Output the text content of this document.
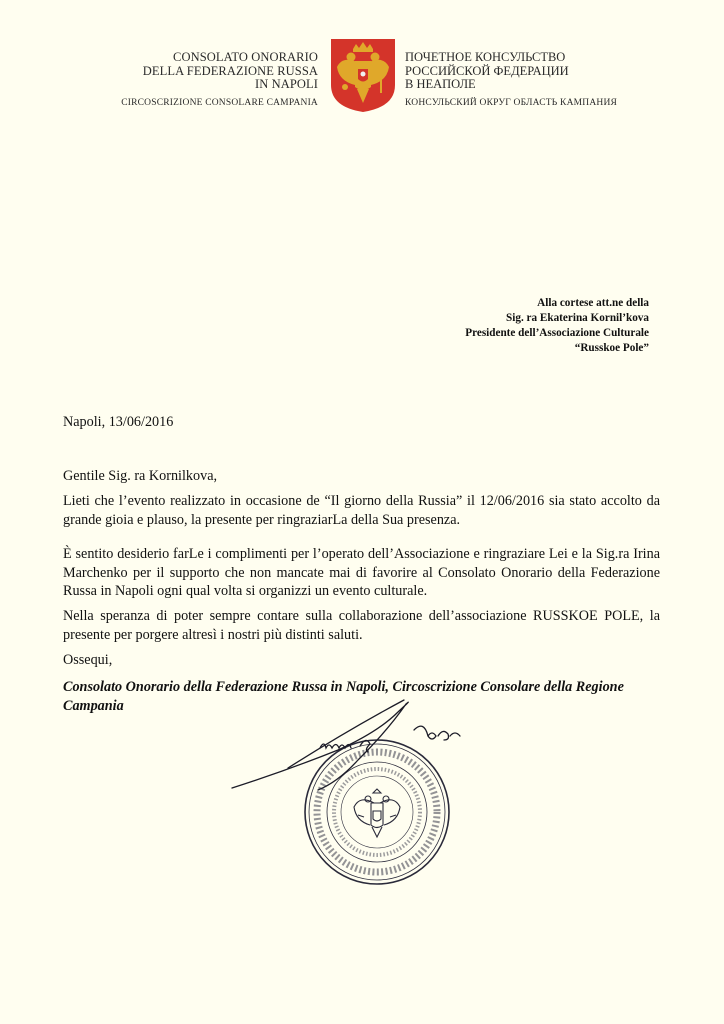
CONSOLATO ONORARIO
DELLA FEDERAZIONE RUSSA
IN NAPOLI
CIRCOSCRIZIONE CONSOLARE CAMPANIA
ПОЧЕТНОЕ КОНСУЛЬСТВО
РОССИЙСКОЙ ФЕДЕРАЦИИ
В НЕАПОЛЕ
КОНСУЛЬСКИЙ ОКРУГ ОБЛАСТЬ КАМПАНИЯ
Alla cortese att.ne della
Sig. ra Ekaterina Kornil’kova
Presidente dell’Associazione Culturale
“Russkoe Pole”
Napoli, 13/06/2016
Gentile Sig. ra Kornilkova,
Lieti che l’evento realizzato in occasione de “Il giorno della Russia” il 12/06/2016 sia stato accolto da grande gioia e plauso, la presente per ringraziarLa della Sua presenza.
È sentito desiderio farLe i complimenti per l’operato dell’Associazione e ringraziare Lei e la Sig.ra Irina Marchenko per il supporto che non mancate mai di favorire al Consolato Onorario della Federazione Russa in Napoli ogni qual volta si organizzi un evento culturale.
Nella speranza di poter sempre contare sulla collaborazione dell’associazione RUSSKOE POLE, la presente per porgere altresì i nostri più distinti saluti.
Ossequi,
Consolato Onorario della Federazione Russa in Napoli, Circoscrizione Consolare della Regione Campania
